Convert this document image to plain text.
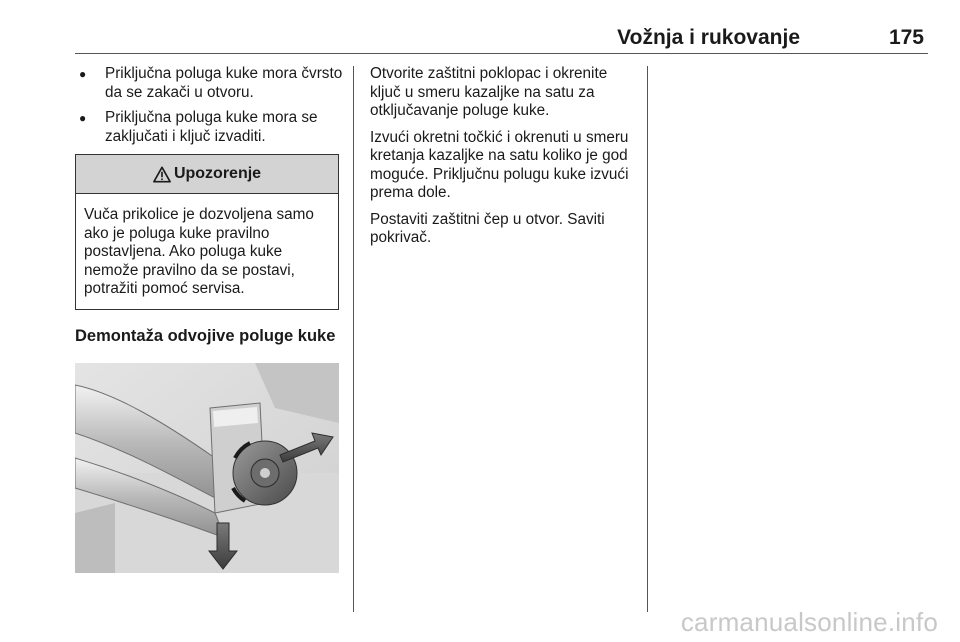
Vožnja i rukovanje	175
● Priključna poluga kuke mora čvrsto da se zakači u otvoru.
● Priključna poluga kuke mora se zaključati i ključ izvaditi.
Upozorenje
Vuča prikolice je dozvoljena samo ako je poluga kuke pravilno postavljena. Ako poluga kuke nemože pravilno da se postavi, potražiti pomoć servisa.
Demontaža odvojive poluge kuke

Otvorite zaštitni poklopac i okrenite ključ u smeru kazaljke na satu za otključavanje poluge kuke.

Izvući okretni točkić i okrenuti u smeru kretanja kazaljke na satu koliko je god moguće. Priključnu polugu kuke izvući prema dole.

Postaviti zaštitni čep u otvor. Saviti pokrivač.

carmanualsonline.info
